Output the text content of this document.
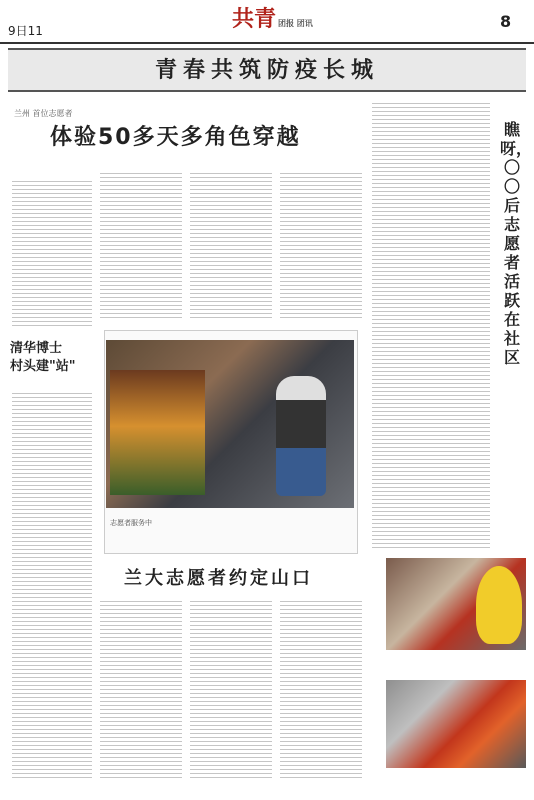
9日11	共青 团报 团讯	8
青春共筑防疫长城
兰州 首位志愿者
体验50多天多角色穿越
清华博士
村头建"站"
志愿者服务中
兰大志愿者约定山口
瞧呀，〇〇后志愿者活跃在社区
